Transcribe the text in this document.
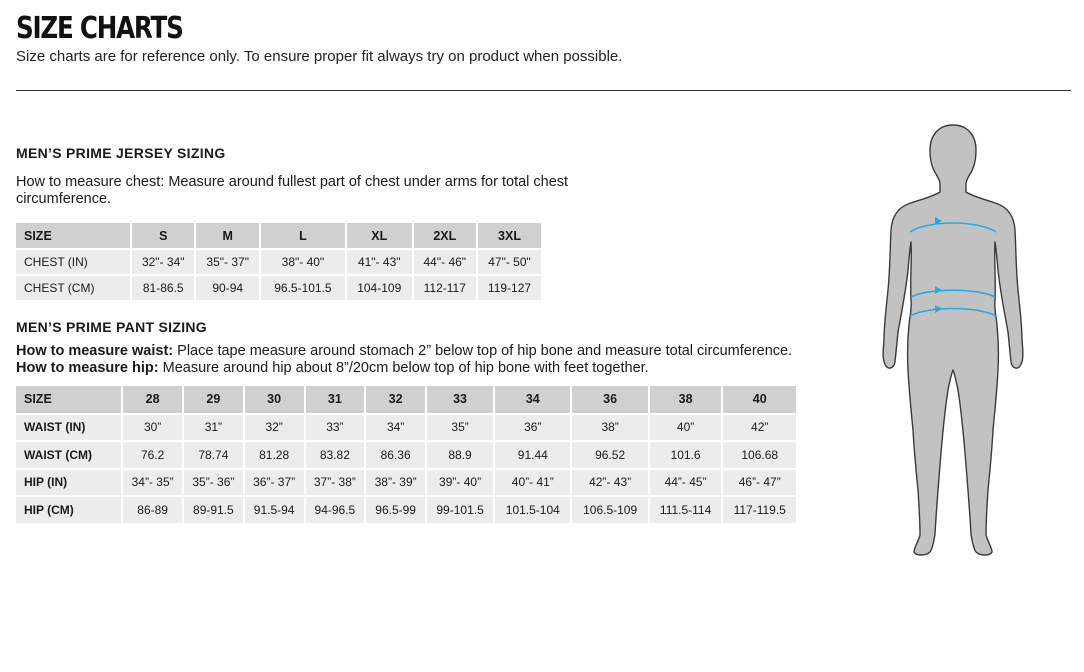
SIZE CHARTS
Size charts are for reference only. To ensure proper fit always try on product when possible.
MEN’S PRIME JERSEY SIZING
How to measure chest: Measure around fullest part of chest under arms for total chest circumference.
SIZE	S	M	L	XL	2XL	3XL
CHEST (IN)	32"- 34"	35"- 37"	38"- 40"	41"- 43"	44"- 46"	47"- 50"
CHEST (CM)	81-86.5	90-94	96.5-101.5	104-109	112-117	119-127
MEN’S PRIME PANT SIZING
How to measure waist: Place tape measure around stomach 2” below top of hip bone and measure total circumference.
How to measure hip: Measure around hip about 8”/20cm below top of hip bone with feet together.
SIZE	28	29	30	31	32	33	34	36	38	40
WAIST (IN)	30”	31”	32”	33”	34”	35”	36”	38”	40”	42”
WAIST (CM)	76.2	78.74	81.28	83.82	86.36	88.9	91.44	96.52	101.6	106.68
HIP (IN)	34”- 35”	35”- 36”	36”- 37”	37”- 38”	38”- 39”	39”- 40”	40”- 41”	42”- 43”	44”- 45”	46”- 47”
HIP (CM)	86-89	89-91.5	91.5-94	94-96.5	96.5-99	99-101.5	101.5-104	106.5-109	111.5-114	117-119.5
